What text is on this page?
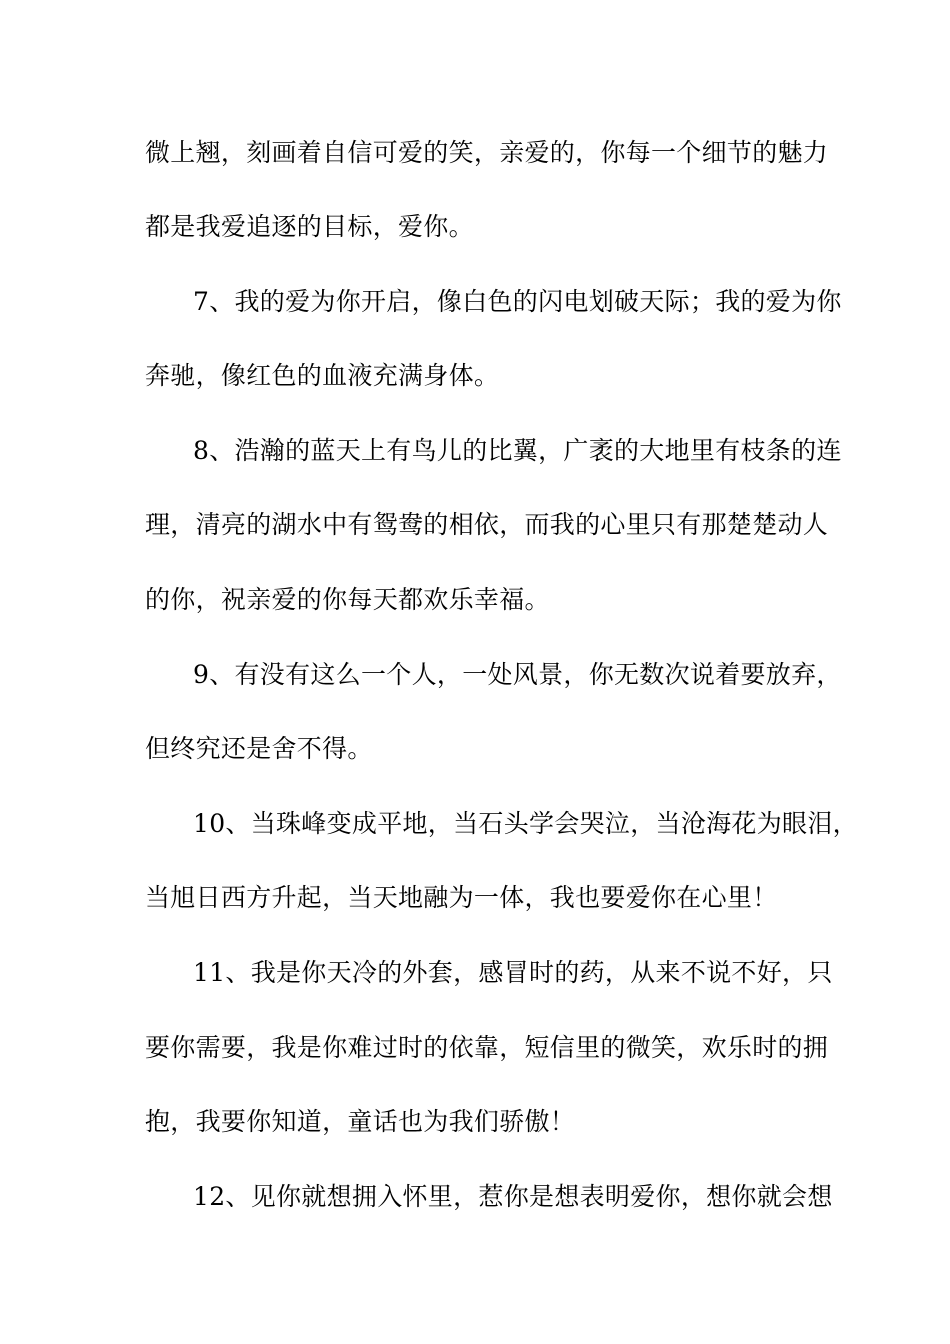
微上翘，刻画着自信可爱的笑，亲爱的，你每一个细节的魅力
都是我爱追逐的目标，爱你。
7、我的爱为你开启，像白色的闪电划破天际；我的爱为你
奔驰，像红色的血液充满身体。
8、浩瀚的蓝天上有鸟儿的比翼，广袤的大地里有枝条的连
理，清亮的湖水中有鸳鸯的相依，而我的心里只有那楚楚动人
的你，祝亲爱的你每天都欢乐幸福。
9、有没有这么一个人，一处风景，你无数次说着要放弃，
但终究还是舍不得。
10、当珠峰变成平地，当石头学会哭泣，当沧海花为眼泪，
当旭日西方升起，当天地融为一体，我也要爱你在心里！
11、我是你天冷的外套，感冒时的药，从来不说不好，只
要你需要，我是你难过时的依靠，短信里的微笑，欢乐时的拥
抱，我要你知道，童话也为我们骄傲！
12、见你就想拥入怀里，惹你是想表明爱你，想你就会想
